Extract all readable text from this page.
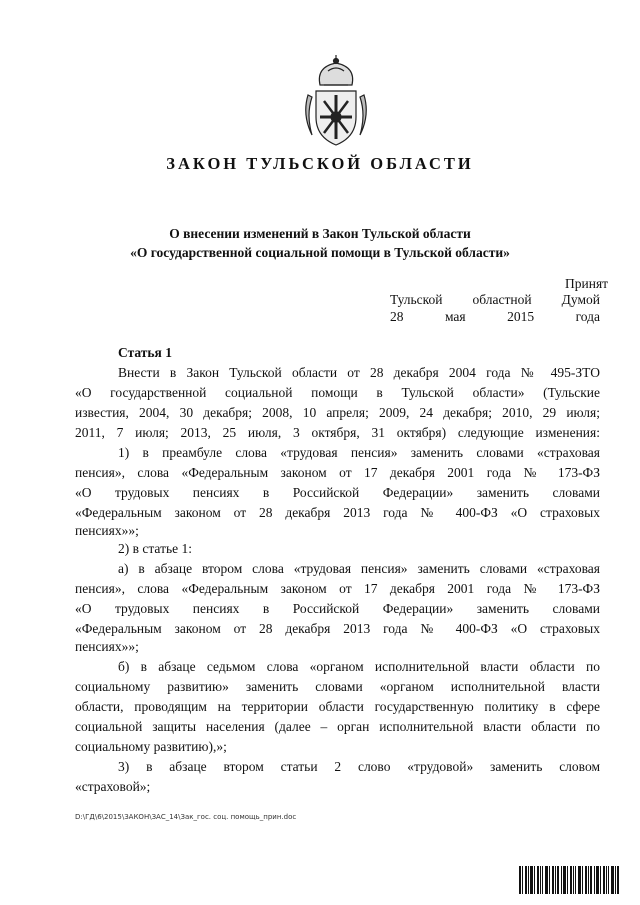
ЗАКОН ТУЛЬСКОЙ ОБЛАСТИ
О внесении изменений в Закон Тульской области
«О государственной социальной помощи в Тульской области»
Принят
Тульской областной Думой
28	мая	2015	года
Статья 1
Внести в Закон Тульской области от 28 декабря 2004 года № 495-ЗТО
«О государственной социальной помощи в Тульской области» (Тульские
известия, 2004, 30 декабря; 2008, 10 апреля; 2009, 24 декабря; 2010, 29 июля;
2011, 7 июля; 2013, 25 июля, 3 октября, 31 октября) следующие изменения:
1) в преамбуле слова «трудовая пенсия» заменить словами «страховая
пенсия», слова «Федеральным законом от 17 декабря 2001 года № 173-ФЗ
«О трудовых пенсиях в Российской Федерации» заменить словами
«Федеральным законом от 28 декабря 2013 года № 400-ФЗ «О страховых
пенсиях»»;
2) в статье 1:
а) в абзаце втором слова «трудовая пенсия» заменить словами «страховая
пенсия», слова «Федеральным законом от 17 декабря 2001 года № 173-ФЗ
«О трудовых пенсиях в Российской Федерации» заменить словами
«Федеральным законом от 28 декабря 2013 года № 400-ФЗ «О страховых
пенсиях»»;
б) в абзаце седьмом слова «органом исполнительной власти области по
социальному развитию» заменить словами «органом исполнительной власти
области, проводящим на территории области государственную политику в сфере
социальной защиты населения (далее – орган исполнительной власти области по
социальному развитию),»;
3) в абзаце втором статьи 2 слово «трудовой» заменить словом
«страховой»;
D:\ГД\6\2015\ЗАКОН\ЗАС_14\Зак_гос. соц. помощь_прин.doc
